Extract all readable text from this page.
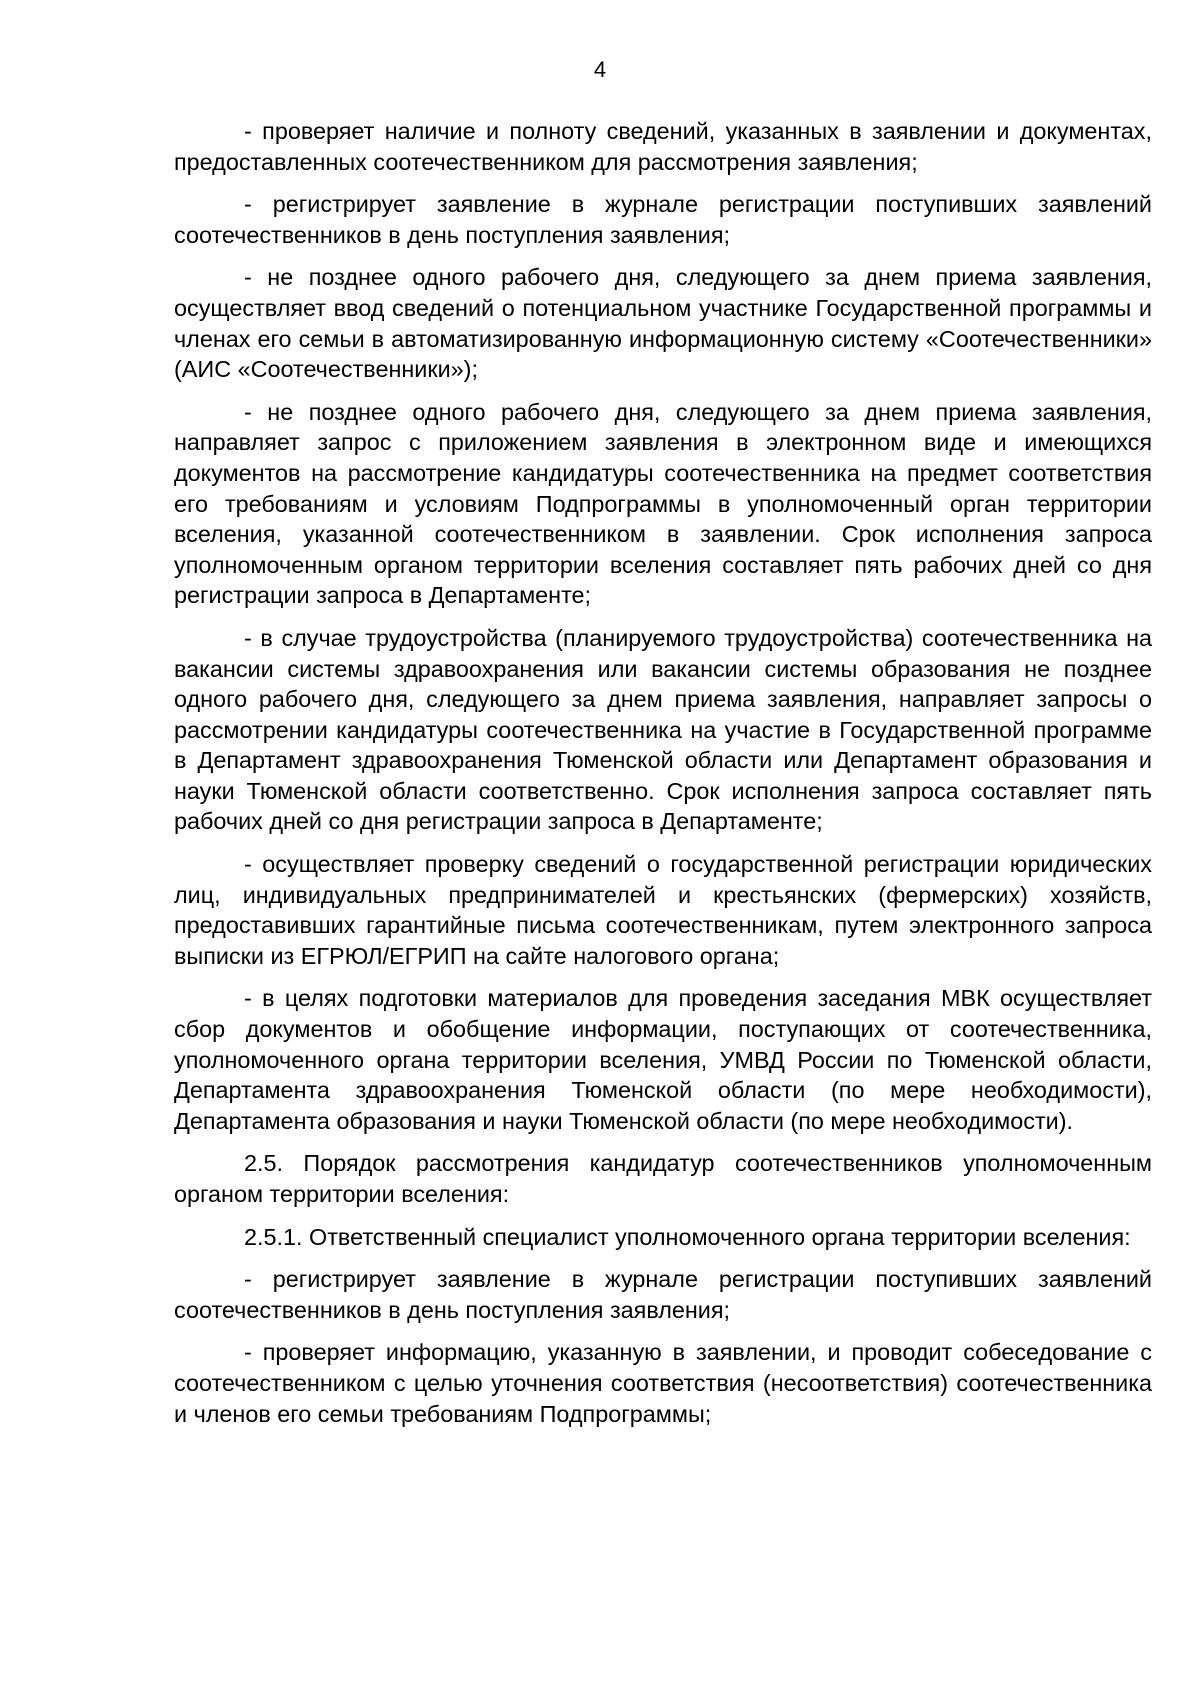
4

- проверяет наличие и полноту сведений, указанных в заявлении и документах, предоставленных соотечественником для рассмотрения заявления;

- регистрирует заявление в журнале регистрации поступивших заявлений соотечественников в день поступления заявления;

- не позднее одного рабочего дня, следующего за днем приема заявления, осуществляет ввод сведений о потенциальном участнике Государственной программы и членах его семьи в автоматизированную информационную систему «Соотечественники» (АИС «Соотечественники»);

- не позднее одного рабочего дня, следующего за днем приема заявления, направляет запрос с приложением заявления в электронном виде и имеющихся документов на рассмотрение кандидатуры соотечественника на предмет соответствия его требованиям и условиям Подпрограммы в уполномоченный орган территории вселения, указанной соотечественником в заявлении. Срок исполнения запроса уполномоченным органом территории вселения составляет пять рабочих дней со дня регистрации запроса в Департаменте;

- в случае трудоустройства (планируемого трудоустройства) соотечественника на вакансии системы здравоохранения или вакансии системы образования не позднее одного рабочего дня, следующего за днем приема заявления, направляет запросы о рассмотрении кандидатуры соотечественника на участие в Государственной программе в Департамент здравоохранения Тюменской области или Департамент образования и науки Тюменской области соответственно. Срок исполнения запроса составляет пять рабочих дней со дня регистрации запроса в Департаменте;

- осуществляет проверку сведений о государственной регистрации юридических лиц, индивидуальных предпринимателей и крестьянских (фермерских) хозяйств, предоставивших гарантийные письма соотечественникам, путем электронного запроса выписки из ЕГРЮЛ/ЕГРИП на сайте налогового органа;

- в целях подготовки материалов для проведения заседания МВК осуществляет сбор документов и обобщение информации, поступающих от соотечественника, уполномоченного органа территории вселения, УМВД России по Тюменской области, Департамента здравоохранения Тюменской области (по мере необходимости), Департамента образования и науки Тюменской области (по мере необходимости).

2.5. Порядок рассмотрения кандидатур соотечественников уполномоченным органом территории вселения:

2.5.1. Ответственный специалист уполномоченного органа территории вселения:

- регистрирует заявление в журнале регистрации поступивших заявлений соотечественников в день поступления заявления;

- проверяет информацию, указанную в заявлении, и проводит собеседование с соотечественником с целью уточнения соответствия (несоответствия) соотечественника и членов его семьи требованиям Подпрограммы;
